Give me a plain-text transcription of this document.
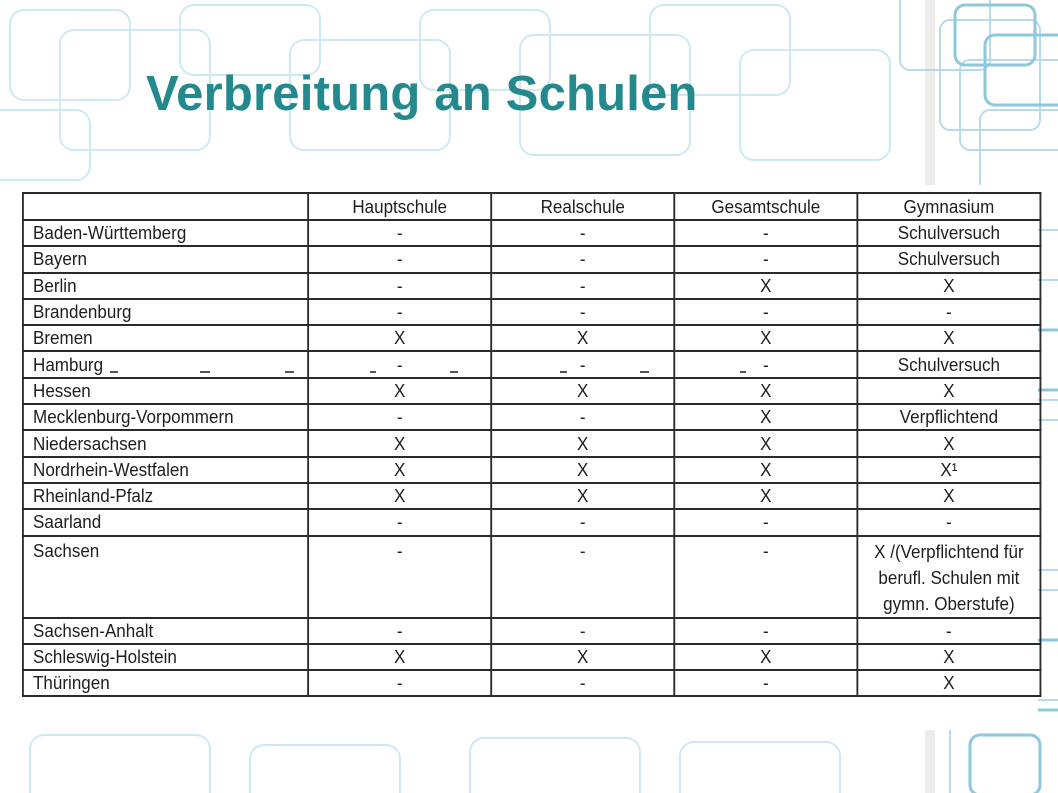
Verbreitung an Schulen
	Hauptschule	Realschule	Gesamtschule	Gymnasium
Baden-Württemberg	-	-	-	Schulversuch
Bayern	-	-	-	Schulversuch
Berlin	-	-	X	X
Brandenburg	-	-	-	-
Bremen	X	X	X	X
Hamburg	-	-	-	Schulversuch
Hessen	X	X	X	X
Mecklenburg-Vorpommern	-	-	X	Verpflichtend
Niedersachsen	X	X	X	X
Nordrhein-Westfalen	X	X	X	X¹
Rheinland-Pfalz	X	X	X	X
Saarland	-	-	-	-
Sachsen	-	-	-	X /(Verpflichtend für berufl. Schulen mit gymn. Oberstufe)
Sachsen-Anhalt	-	-	-	-
Schleswig-Holstein	X	X	X	X
Thüringen	-	-	-	X
